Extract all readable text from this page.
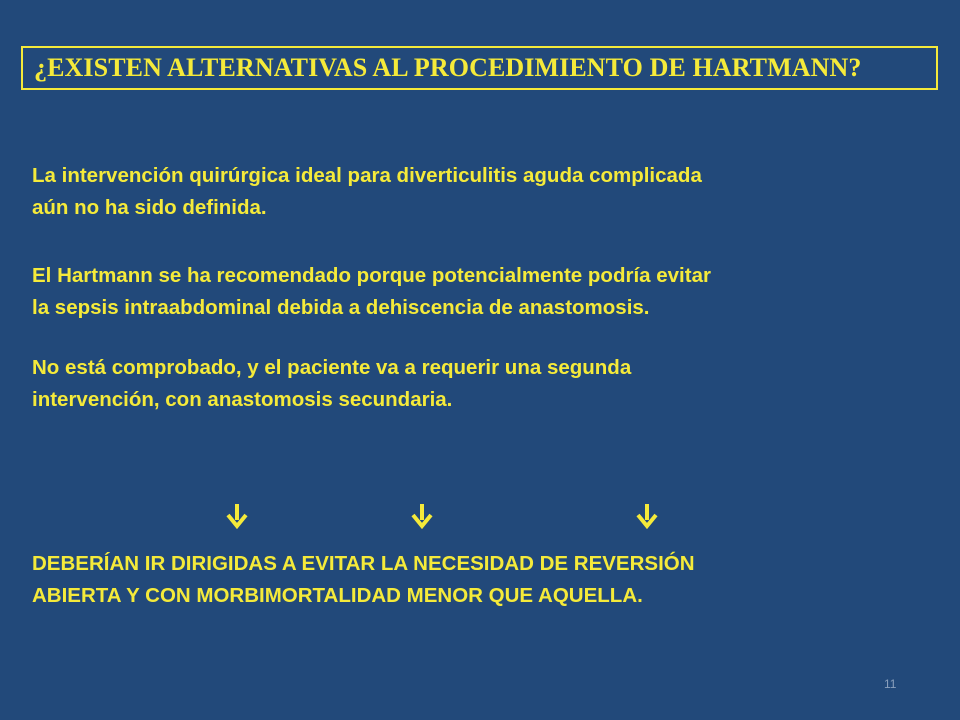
¿EXISTEN ALTERNATIVAS AL PROCEDIMIENTO DE HARTMANN?

La intervención quirúrgica ideal para diverticulitis aguda complicada
aún no ha sido definida.

El Hartmann se ha recomendado porque potencialmente podría evitar
la sepsis intraabdominal debida a dehiscencia de anastomosis.

No está comprobado, y el paciente va a requerir una segunda
intervención, con anastomosis secundaria.

DEBERÍAN IR DIRIGIDAS A EVITAR LA NECESIDAD DE REVERSIÓN
ABIERTA Y CON MORBIMORTALIDAD MENOR QUE AQUELLA.

11
